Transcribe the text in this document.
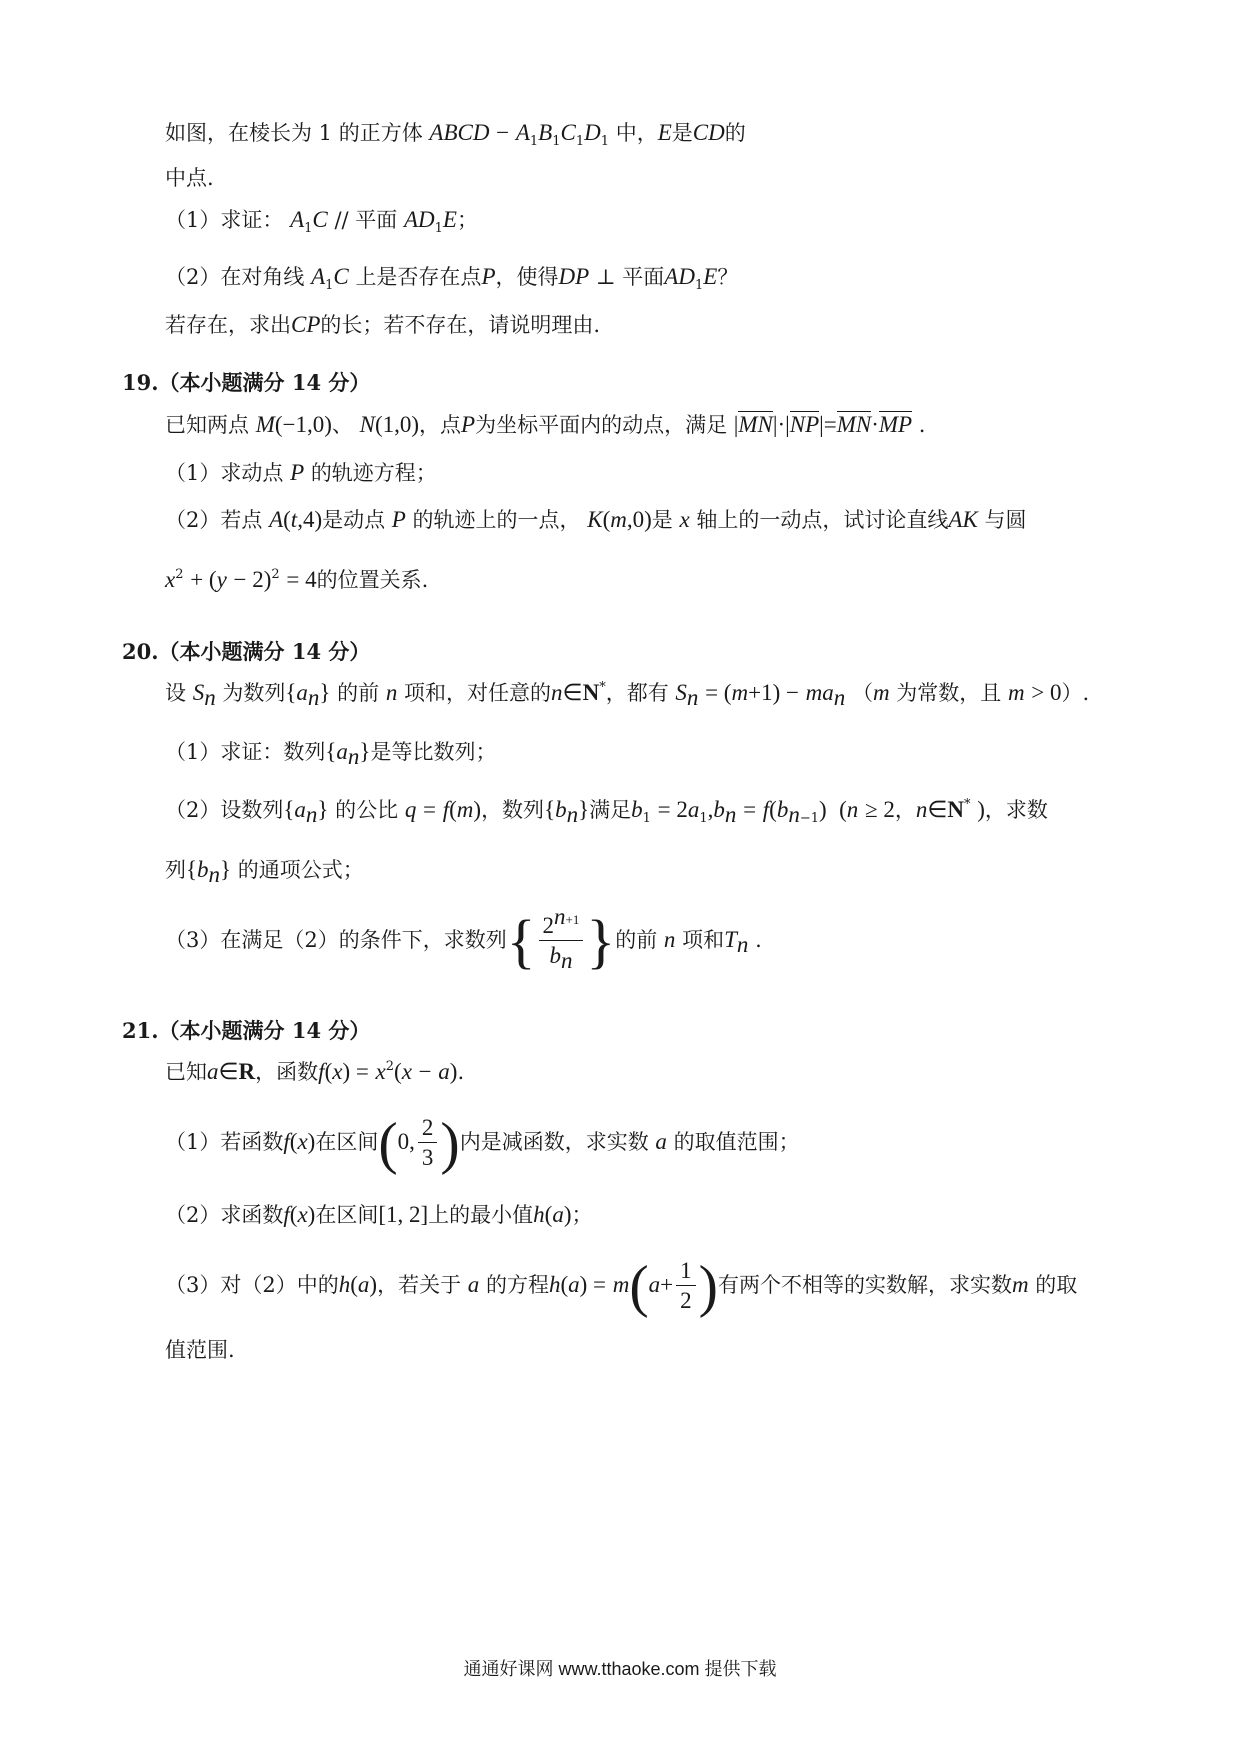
如图，在棱长为 1 的正方体 ABCD − $A_1B_1C_1D_1$ 中，E是CD的
中点.
（1）求证： $A_1C$ // 平面 $AD_1E$；
（2）在对角线 $A_1C$ 上是否存在点P，使得DP ⊥ 平面$AD_1E$？
若存在，求出CP的长；若不存在，请说明理由.
19.（本小题满分 14 分）
已知两点 M(−1,0)、 N(1,0)，点P为坐标平面内的动点，满足 |MN|·|NP|=MN·MP .
（1）求动点 P 的轨迹方程；
（2）若点 A(t,4)是动点 P 的轨迹上的一点， K(m,0)是 x 轴上的一动点，试讨论直线AK 与圆
$x^2 + (y - 2)^2 = 4$的位置关系.
20.（本小题满分 14 分）
设 $S_n$ 为数列$\{a_n\}$ 的前 n 项和，对任意的n∈N*，都有 $S_n = (m+1) - ma_n$ （m 为常数，且 m > 0）.
（1）求证：数列$\{a_n\}$是等比数列；
（2）设数列$\{a_n\}$ 的公比 q = f(m)，数列$\{b_n\}$满足$b_1 = 2a_1,b_n = f(b_{n-1}) (n \ge 2$，n∈N* )，求数
列$\{b_n\}$ 的通项公式；
（3）在满足（2）的条件下，求数列{ $\frac{2^{n+1}}{b_n}$ }的前 n 项和$T_n$ .
21.（本小题满分 14 分）
已知a∈R，函数$f(x) = x^2(x - a)$.
（1）若函数f(x)在区间(0, $\frac{2}{3}$ )内是减函数，求实数 a 的取值范围；
（2）求函数f(x)在区间[1, 2]上的最小值h(a)；
（3）对（2）中的h(a)，若关于 a 的方程$h(a) = m(a+ \frac{1}{2}$ )有两个不相等的实数解，求实数m 的取
值范围.
通通好课网 www.tthaoke.com 提供下载
